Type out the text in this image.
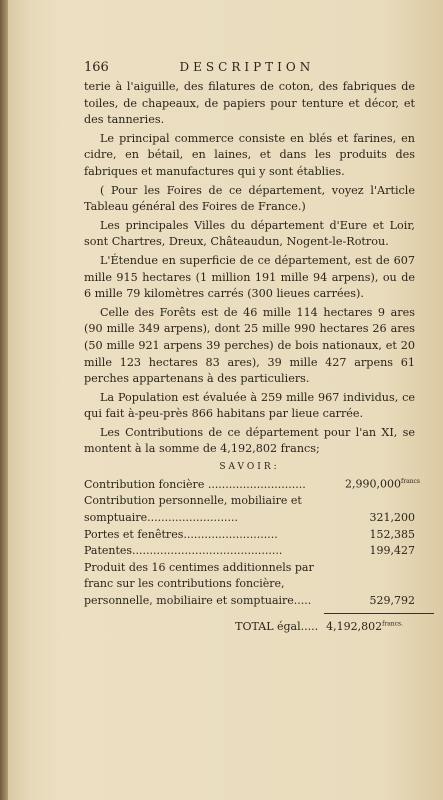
166	DESCRIPTION

terie à l'aiguille, des filatures de coton, des fabriques de toiles, de chapeaux, de papiers pour tenture et décor, et des tanneries.

Le principal commerce consiste en blés et farines, en cidre, en bétail, en laines, et dans les produits des fabriques et manufactures qui y sont établies.

( Pour les Foires de ce département, voyez l'Article Tableau général des Foires de France.)

Les principales Villes du département d'Eure et Loir, sont Chartres, Dreux, Châteaudun, Nogent-le-Rotrou.

L'Étendue en superficie de ce département, est de 607 mille 915 hectares (1 million 191 mille 94 arpens), ou de 6 mille 79 kilomètres carrés (300 lieues carrées).

Celle des Forêts est de 46 mille 114 hectares 9 ares (90 mille 349 arpens), dont 25 mille 990 hectares 26 ares (50 mille 921 arpens 39 perches) de bois nationaux, et 20 mille 123 hectares 83 ares), 39 mille 427 arpens 61 perches appartenans à des particuliers.

La Population est évaluée à 259 mille 967 individus, ce qui fait à-peu-près 866 habitans par lieue carrée.

Les Contributions de ce département pour l'an XI, se montent à la somme de 4,192,802 francs;

SAVOIR:
Contribution foncière ............................	$2,990,000^{francs}$
Contribution personnelle, mobiliaire et somptuaire..........................	321,200
Portes et fenêtres...........................	152,385
Patentes...........................................	199,427
Produit des 16 centimes additionnels par franc sur les contributions foncière, personnelle, mobiliaire et somptuaire.....	529,792
TOTAL égal..... $4,192,802^{francs.}$
